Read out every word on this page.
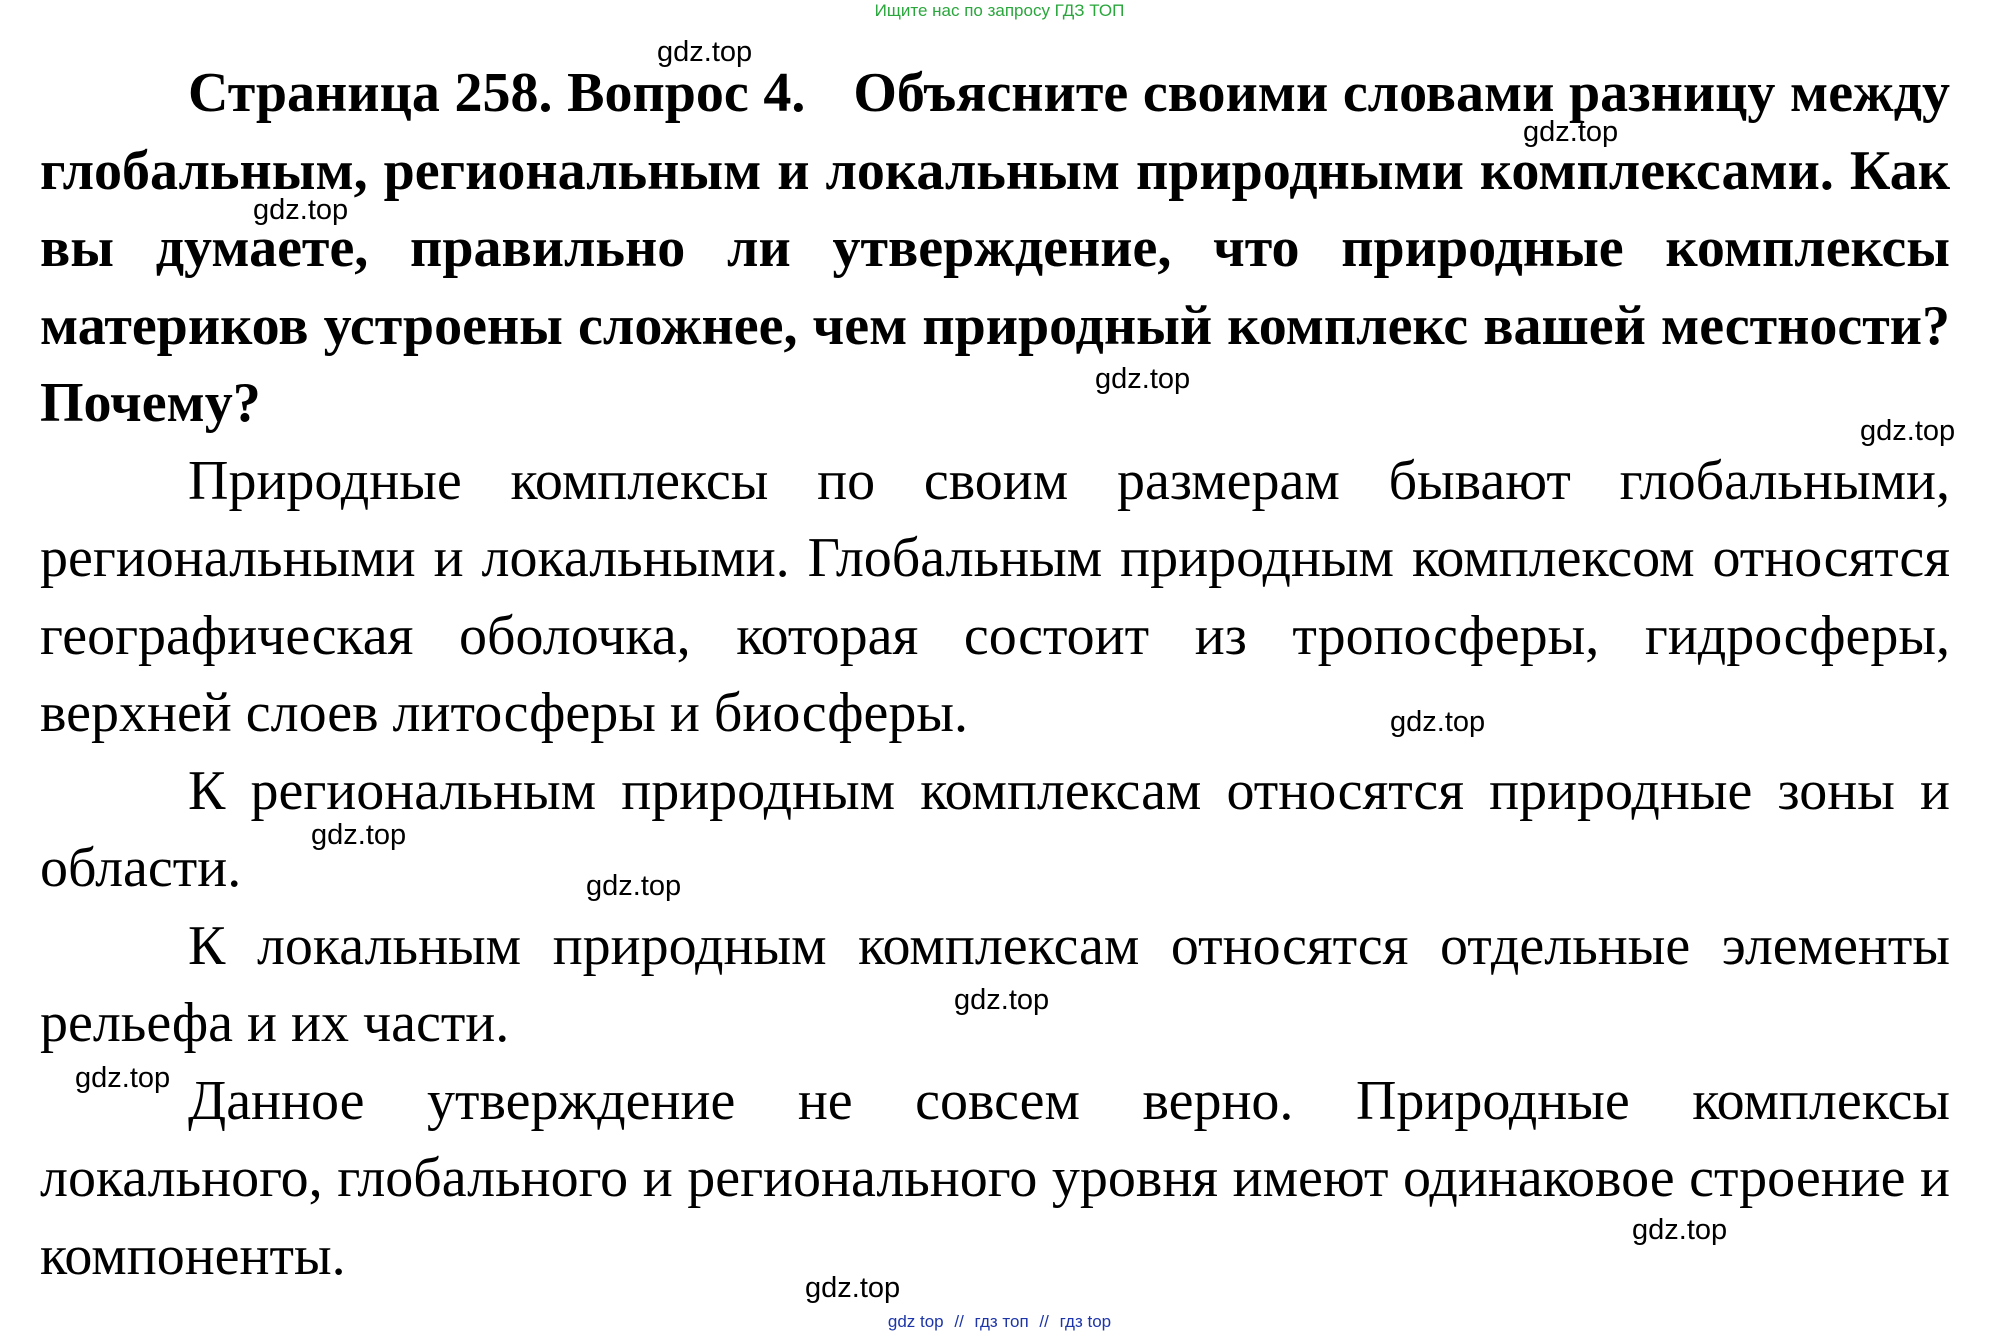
Ищите нас по запросу ГДЗ ТОП

Страница 258. Вопрос 4. Объясните своими словами разницу между глобальным, региональным и локальным природными комплексами. Как вы думаете, правильно ли утверждение, что природные комплексы материков устроены сложнее, чем природный комплекс вашей местности? Почему?

Природные комплексы по своим размерам бывают глобальными, региональными и локальными. Глобальным природным комплексом относятся географическая оболочка, которая состоит из тропосферы, гидросферы, верхней слоев литосферы и биосферы.

К региональным природным комплексам относятся природные зоны и области.

К локальным природным комплексам относятся отдельные элементы рельефа и их части.

Данное утверждение не совсем верно. Природные комплексы локального, глобального и регионального уровня имеют одинаковое строение и компоненты.

gdz.top
gdz.top
gdz.top
gdz.top
gdz.top
gdz.top
gdz.top
gdz.top
gdz.top
gdz.top
gdz.top
gdz.top
gdz top // гдз топ // гдз top
